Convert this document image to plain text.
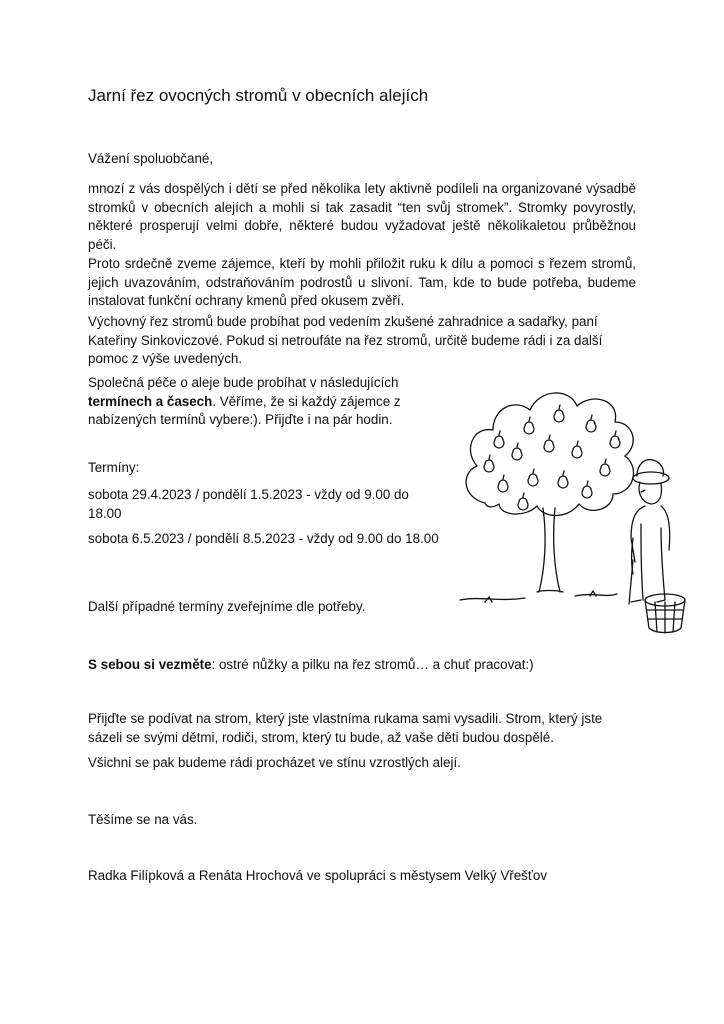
Jarní řez ovocných stromů v obecních alejích

Vážení spoluobčané,

mnozí z vás dospělých i dětí se před několika lety aktivně podíleli na organizované výsadbě stromků v obecních alejích a mohli si tak zasadit “ten svůj stromek”. Stromky povyrostly, některé prosperují velmi dobře, některé budou vyžadovat ještě několikaletou průběžnou péči.

Proto srdečně zveme zájemce, kteří by mohli přiložit ruku k dílu a pomoci s řezem stromů, jejich uvazováním, odstraňováním podrostů u slivoní. Tam, kde to bude potřeba, budeme instalovat funkční ochrany kmenů před okusem zvěří.

Výchovný řez stromů bude probíhat pod vedením zkušené zahradnice a sadařky, paní Kateřiny Sinkoviczové. Pokud si netroufáte na řez stromů, určitě budeme rádi i za další pomoc z výše uvedených.

Společná péče o aleje bude probíhat v následujících termínech a časech. Věříme, že si každý zájemce z nabízených termínů vybere:). Přijďte i na pár hodin.

Termíny:

sobota 29.4.2023 / pondělí 1.5.2023 - vždy od 9.00 do 18.00

sobota 6.5.2023 / pondělí 8.5.2023 - vždy od 9.00 do 18.00

Další případné termíny zveřejníme dle potřeby.

S sebou si vezměte: ostré nůžky a pilku na řez stromů… a chuť pracovat:)

Přijďte se podívat na strom, který jste vlastníma rukama sami vysadili. Strom, který jste sázeli se svými dětmi, rodiči, strom, který tu bude, až vaše děti budou dospělé.

Všichni se pak budeme rádi procházet ve stínu vzrostlých alejí.

Těšíme se na vás.

Radka Filípková a Renáta Hrochová ve spolupráci s městysem Velký Vřešťov
